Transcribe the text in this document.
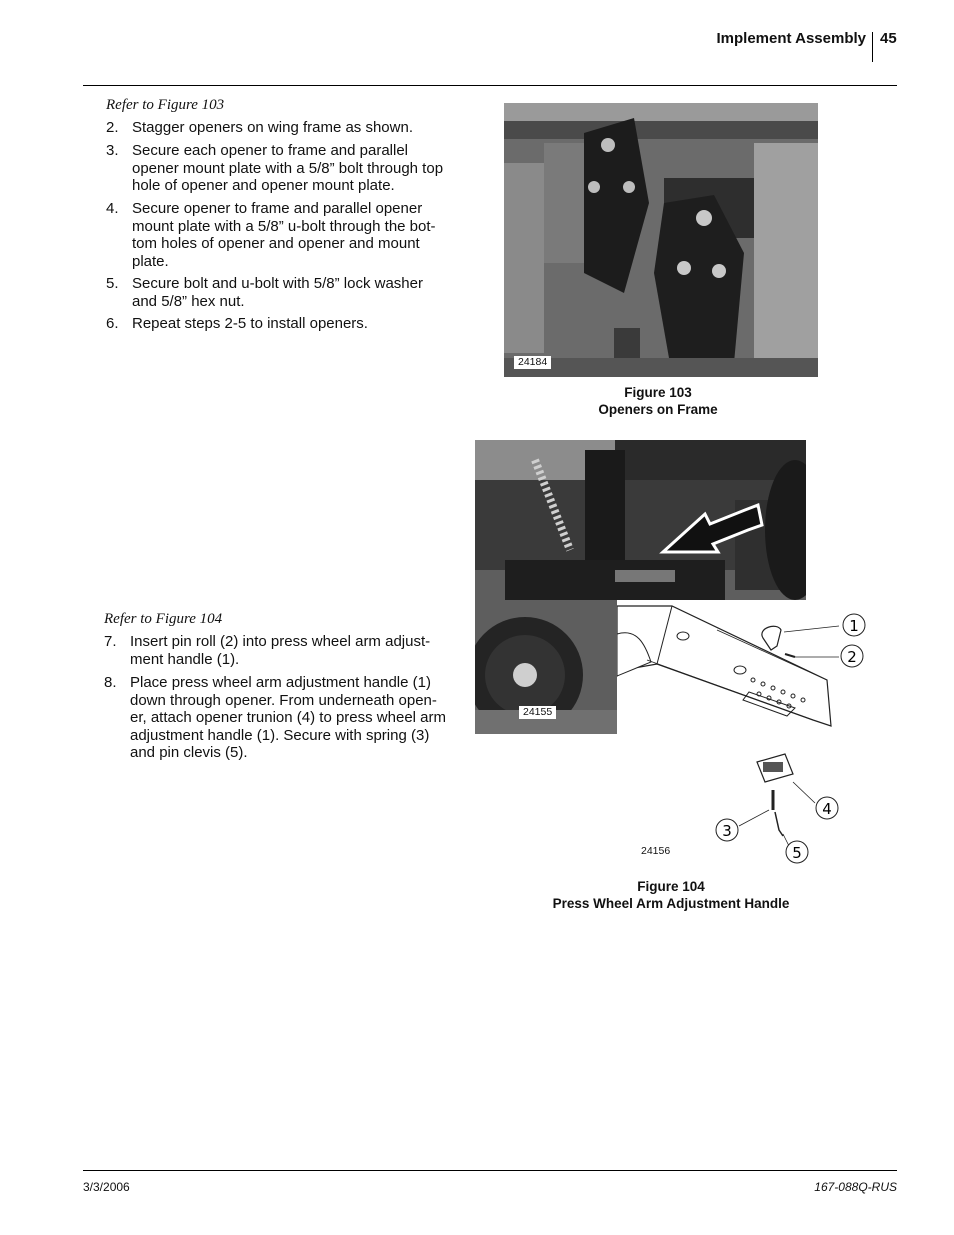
Implement Assembly 45
Refer to Figure 103
2. Stagger openers on wing frame as shown.
3. Secure each opener to frame and parallel opener mount plate with a 5/8” bolt through top hole of opener and opener mount plate.
4. Secure opener to frame and parallel opener mount plate with a 5/8” u-bolt through the bot-tom holes of opener and opener and mount plate.
5. Secure bolt and u-bolt with 5/8” lock washer and 5/8” hex nut.
6. Repeat steps 2-5 to install openers.
24184
Figure 103
Openers on Frame
Refer to Figure 104
7. Insert pin roll (2) into press wheel arm adjust-ment handle (1).
8. Place press wheel arm adjustment handle (1) down through opener. From underneath open-er, attach opener trunion (4) to press wheel arm adjustment handle (1). Secure with spring (3) and pin clevis (5).
24155
1
2
3
4
5
24156
Figure 104
Press Wheel Arm Adjustment Handle
3/3/2006	167-088Q-RUS
